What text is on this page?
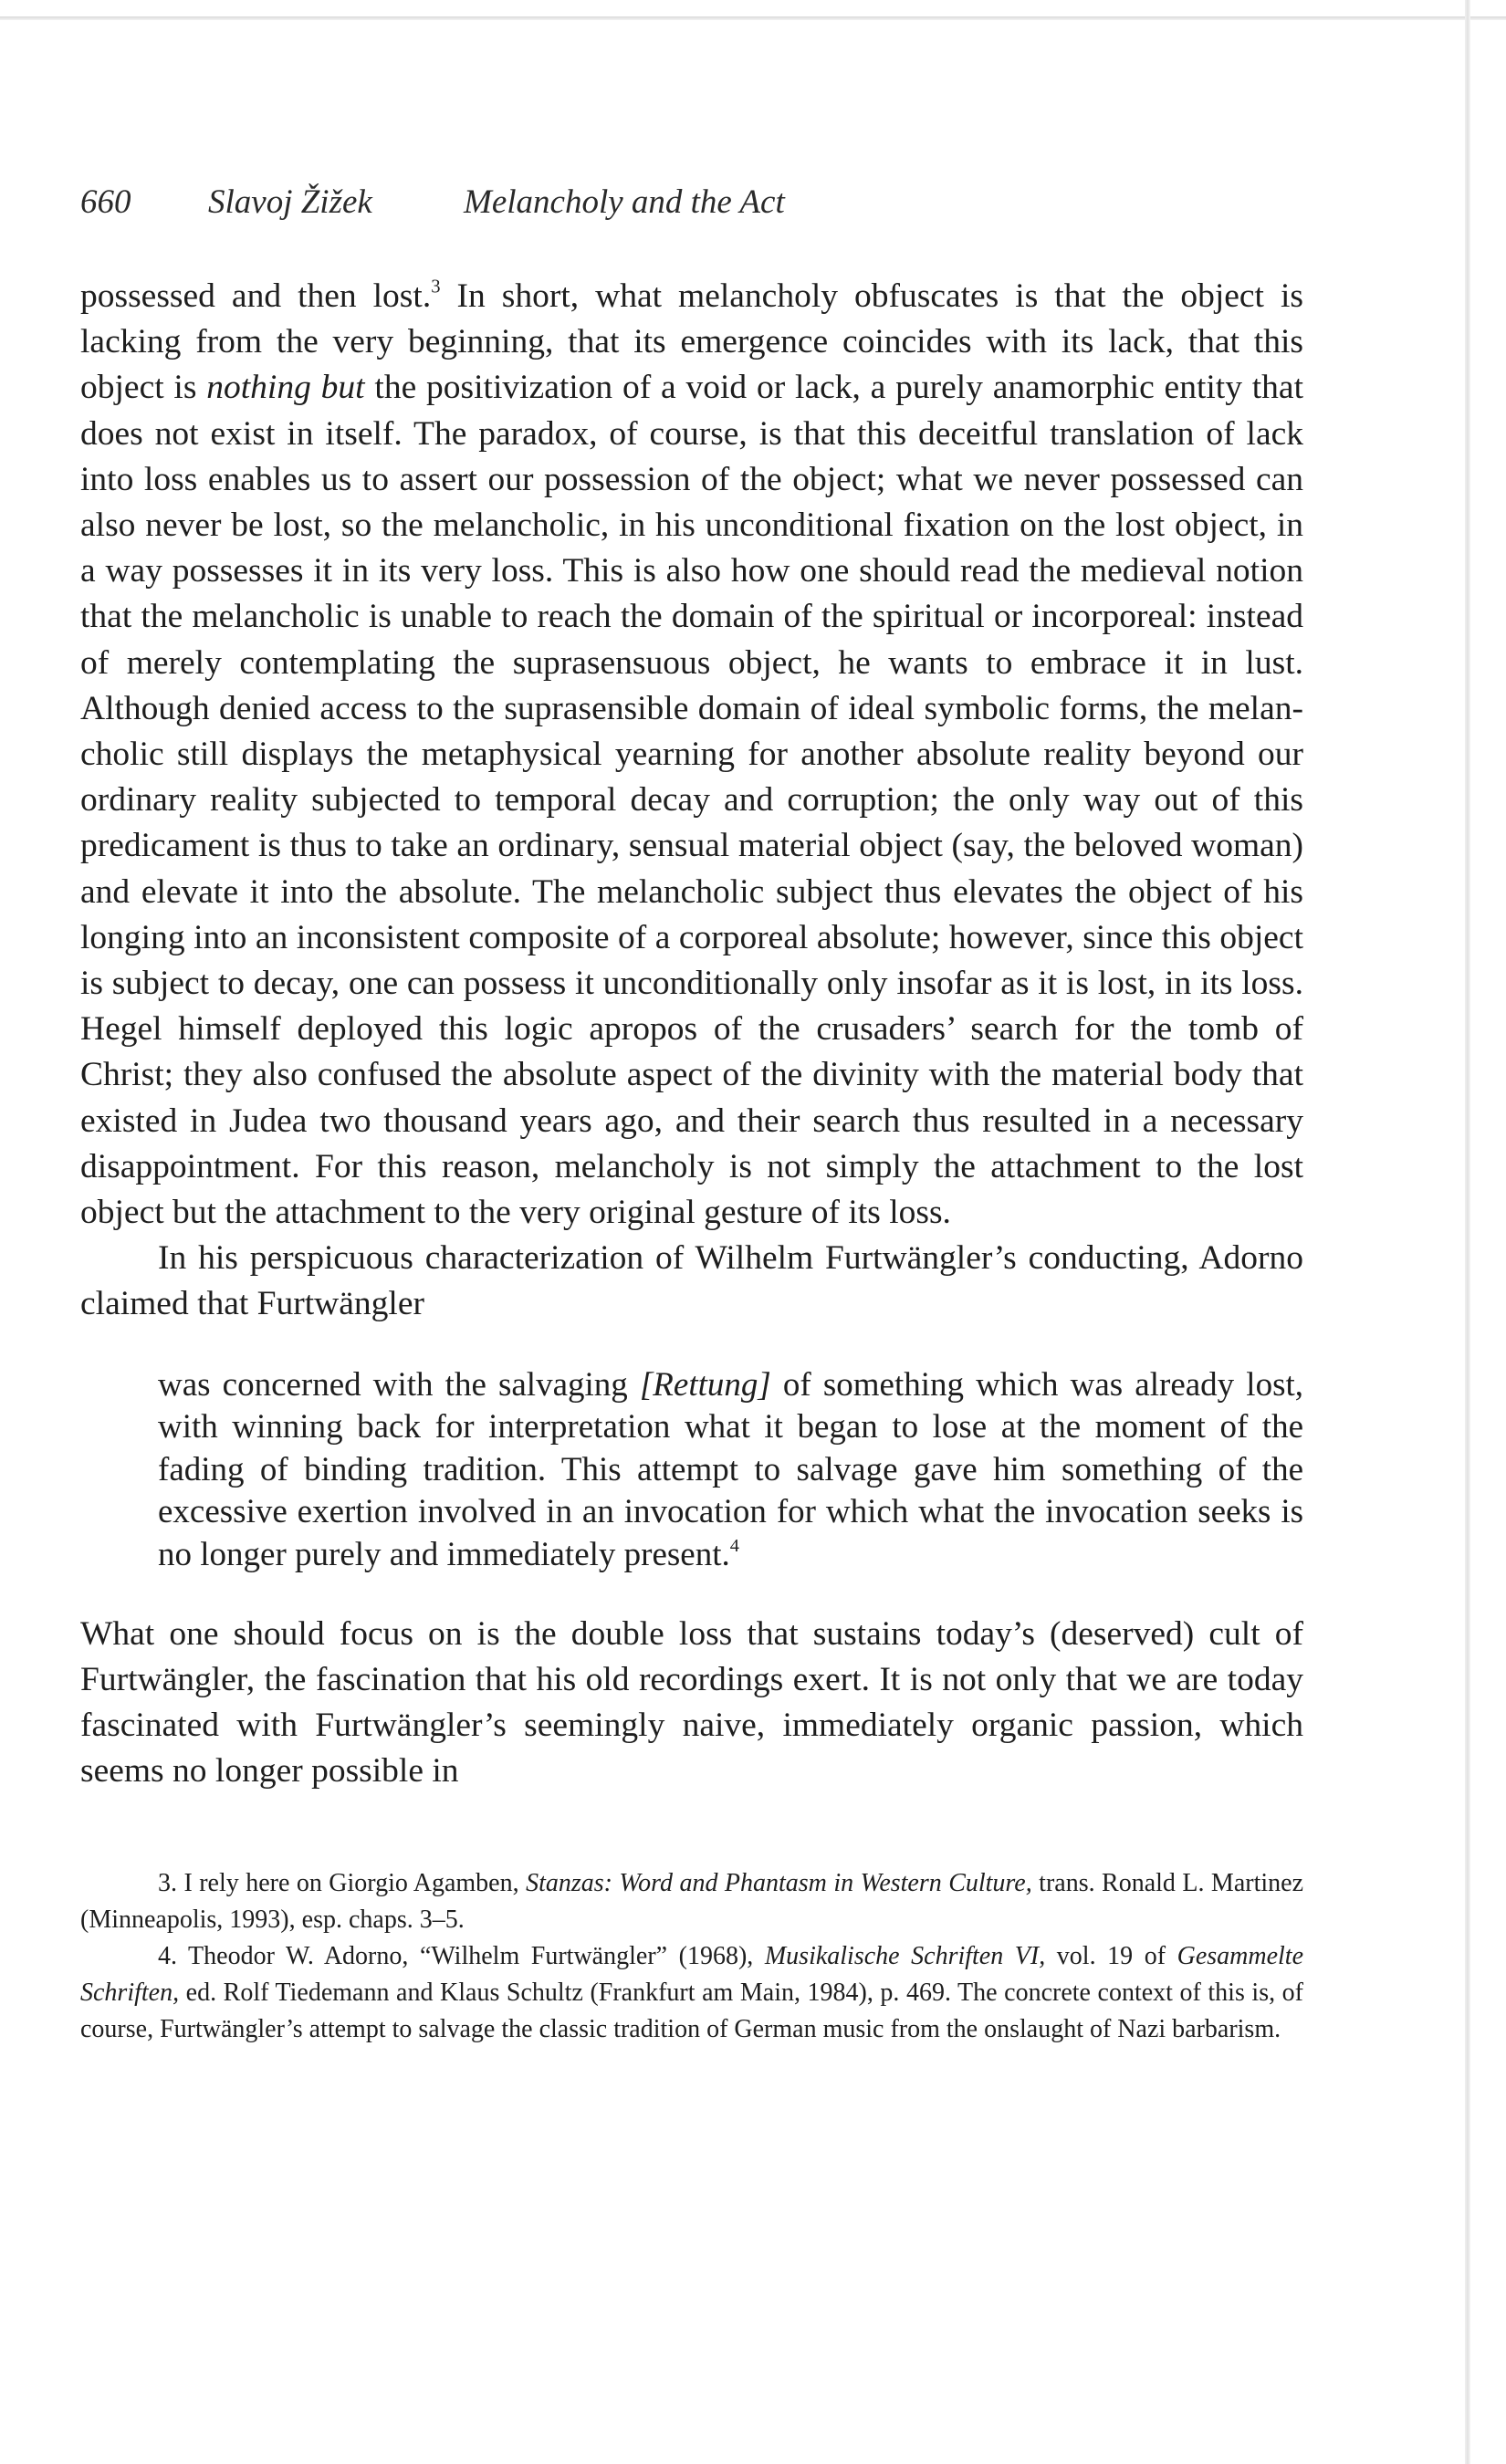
660 Slavoj Žižek	Melancholy and the Act

possessed and then lost.$^3$ In short, what melancholy obfuscates is that the object is lacking from the very beginning, that its emergence coincides with its lack, that this object is nothing but the positivization of a void or lack, a purely anamorphic entity that does not exist in itself. The paradox, of course, is that this deceitful translation of lack into loss enables us to assert our possession of the object; what we never possessed can also never be lost, so the melancholic, in his unconditional fixation on the lost object, in a way possesses it in its very loss. This is also how one should read the medieval notion that the melancholic is unable to reach the domain of the spiritual or incorporeal: instead of merely contemplating the suprasensuous object, he wants to embrace it in lust. Although denied access to the suprasensible domain of ideal symbolic forms, the melancholic still displays the metaphysical yearning for another absolute reality beyond our ordinary reality subjected to temporal decay and corruption; the only way out of this predicament is thus to take an ordinary, sensual material object (say, the beloved woman) and elevate it into the absolute. The melancholic subject thus elevates the object of his longing into an inconsistent composite of a corporeal absolute; however, since this object is subject to decay, one can possess it unconditionally only insofar as it is lost, in its loss. Hegel himself deployed this logic apropos of the crusaders’ search for the tomb of Christ; they also confused the absolute aspect of the divinity with the material body that existed in Judea two thousand years ago, and their search thus resulted in a necessary disappointment. For this reason, melancholy is not simply the attachment to the lost object but the attachment to the very original gesture of its loss.

In his perspicuous characterization of Wilhelm Furtwängler’s conducting, Adorno claimed that Furtwängler

was concerned with the salvaging [Rettung] of something which was already lost, with winning back for interpretation what it began to lose at the moment of the fading of binding tradition. This attempt to salvage gave him something of the excessive exertion involved in an invocation for which what the invocation seeks is no longer purely and immediately present.$^4$

What one should focus on is the double loss that sustains today’s (deserved) cult of Furtwängler, the fascination that his old recordings exert. It is not only that we are today fascinated with Furtwängler’s seemingly naive, immediately organic passion, which seems no longer possible in

3. I rely here on Giorgio Agamben, Stanzas: Word and Phantasm in Western Culture, trans. Ronald L. Martinez (Minneapolis, 1993), esp. chaps. 3–5.

4. Theodor W. Adorno, “Wilhelm Furtwängler” (1968), Musikalische Schriften VI, vol. 19 of Gesammelte Schriften, ed. Rolf Tiedemann and Klaus Schultz (Frankfurt am Main, 1984), p. 469. The concrete context of this is, of course, Furtwängler’s attempt to salvage the classic tradition of German music from the onslaught of Nazi barbarism.
